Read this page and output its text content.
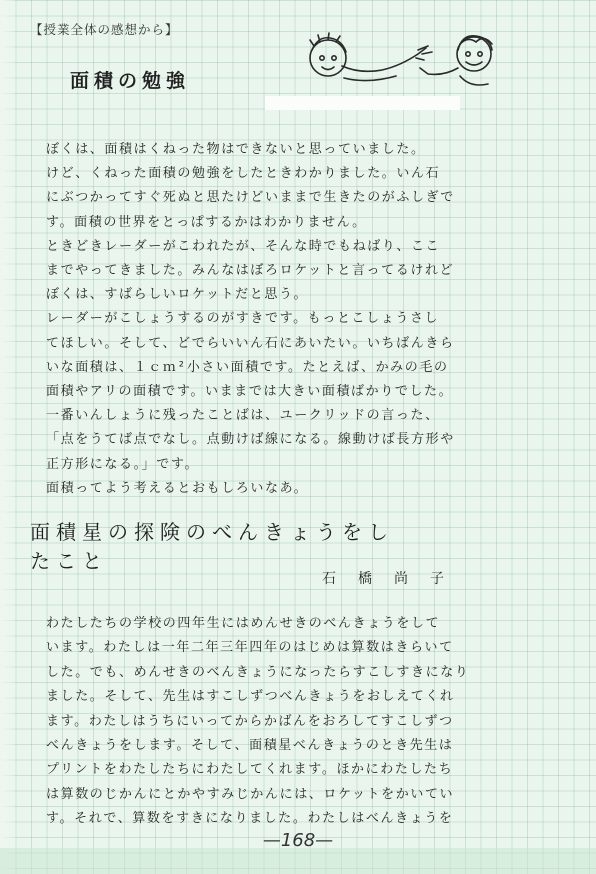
【授業全体の感想から】
面積の勉強
ぼくは、面積はくねった物はできないと思っていました。
けど、くねった面積の勉強をしたときわかりました。いん石
にぶつかってすぐ死ぬと思たけどいままで生きたのがふしぎで
す。面積の世界をとっぱするかはわかりません。
ときどきレーダーがこわれたが、そんな時でもねばり、ここ
までやってきました。みんなはぼろロケットと言ってるけれど
ぼくは、すばらしいロケットだと思う。
レーダーがこしょうするのがすきです。もっとこしょうさし
てほしい。そして、どでらいいん石にあいたい。いちばんきら
いな面積は、１ｃｍ²小さい面積です。たとえば、かみの毛の
面積やアリの面積です。いままでは大きい面積ばかりでした。
一番いんしょうに残ったことばは、ユークリッドの言った、
「点をうてば点でなし。点動けば線になる。線動けば長方形や
正方形になる。」です。
面積ってよう考えるとおもしろいなあ。
面積星の探険のべんきょうをし
たこと
石橋尚子
わたしたちの学校の四年生にはめんせきのべんきょうをして
います。わたしは一年二年三年四年のはじめは算数はきらいて
した。でも、めんせきのべんきょうになったらすこしすきになり
ました。そして、先生はすこしずつべんきょうをおしえてくれ
ます。わたしはうちにいってからかばんをおろしてすこしずつ
べんきょうをします。そして、面積星べんきょうのとき先生は
プリントをわたしたちにわたしてくれます。ほかにわたしたち
は算数のじかんにとかやすみじかんには、ロケットをかいてい
す。それで、算数をすきになりました。わたしはべんきょうを
—168—
